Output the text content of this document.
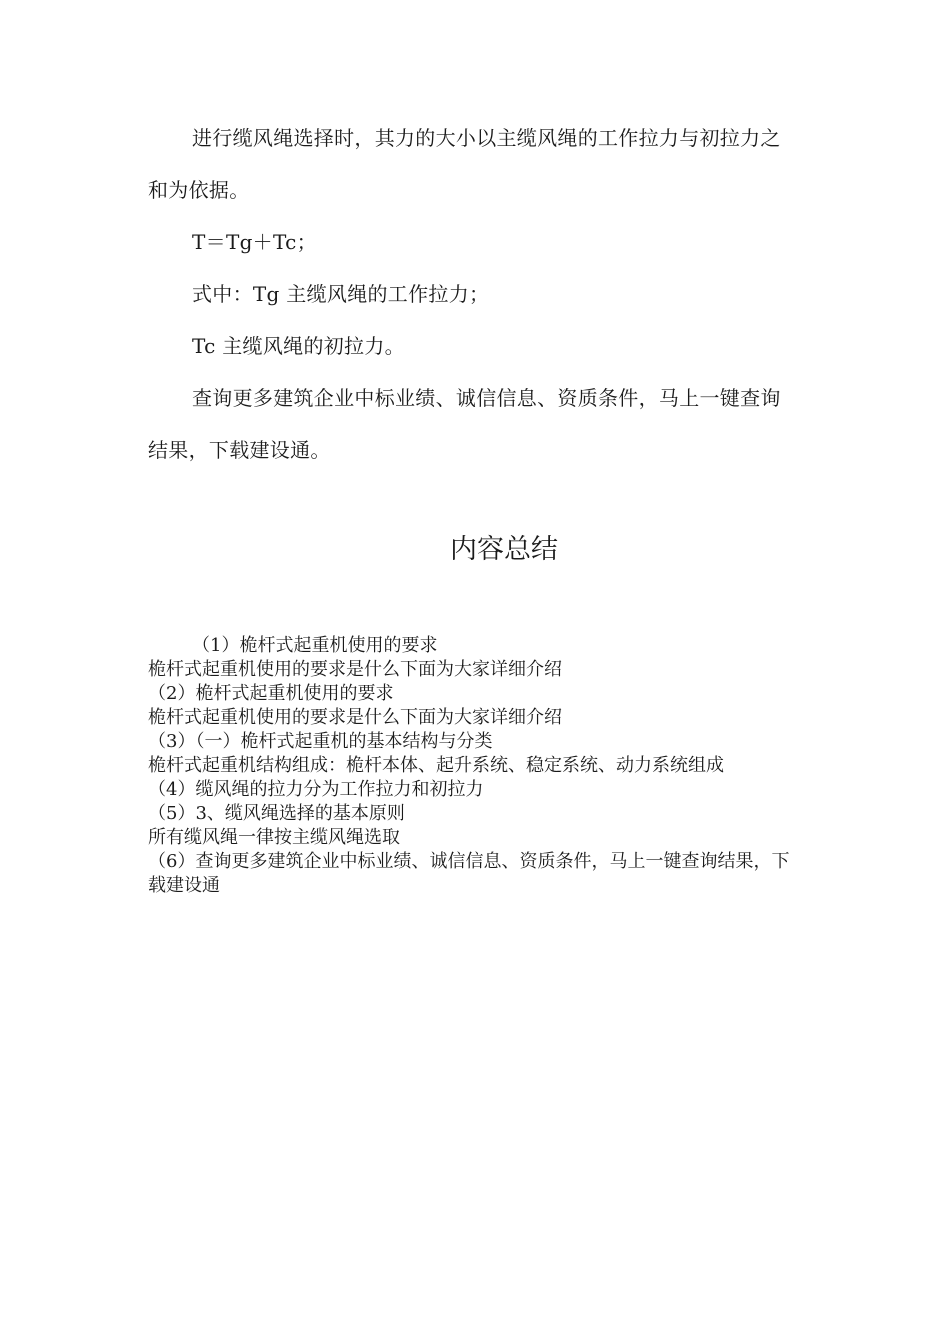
进行缆风绳选择时，其力的大小以主缆风绳的工作拉力与初拉力之和为依据。

T＝Tg＋Tc；

式中：Tg 主缆风绳的工作拉力；

Tc 主缆风绳的初拉力。

查询更多建筑企业中标业绩、诚信信息、资质条件，马上一键查询结果，下载建设通。

内容总结

（1）桅杆式起重机使用的要求

桅杆式起重机使用的要求是什么下面为大家详细介绍

（2）桅杆式起重机使用的要求

桅杆式起重机使用的要求是什么下面为大家详细介绍

（3）（一）桅杆式起重机的基本结构与分类

桅杆式起重机结构组成：桅杆本体、起升系统、稳定系统、动力系统组成

（4）缆风绳的拉力分为工作拉力和初拉力

（5）3、缆风绳选择的基本原则

所有缆风绳一律按主缆风绳选取

（6）查询更多建筑企业中标业绩、诚信信息、资质条件，马上一键查询结果，下载建设通
